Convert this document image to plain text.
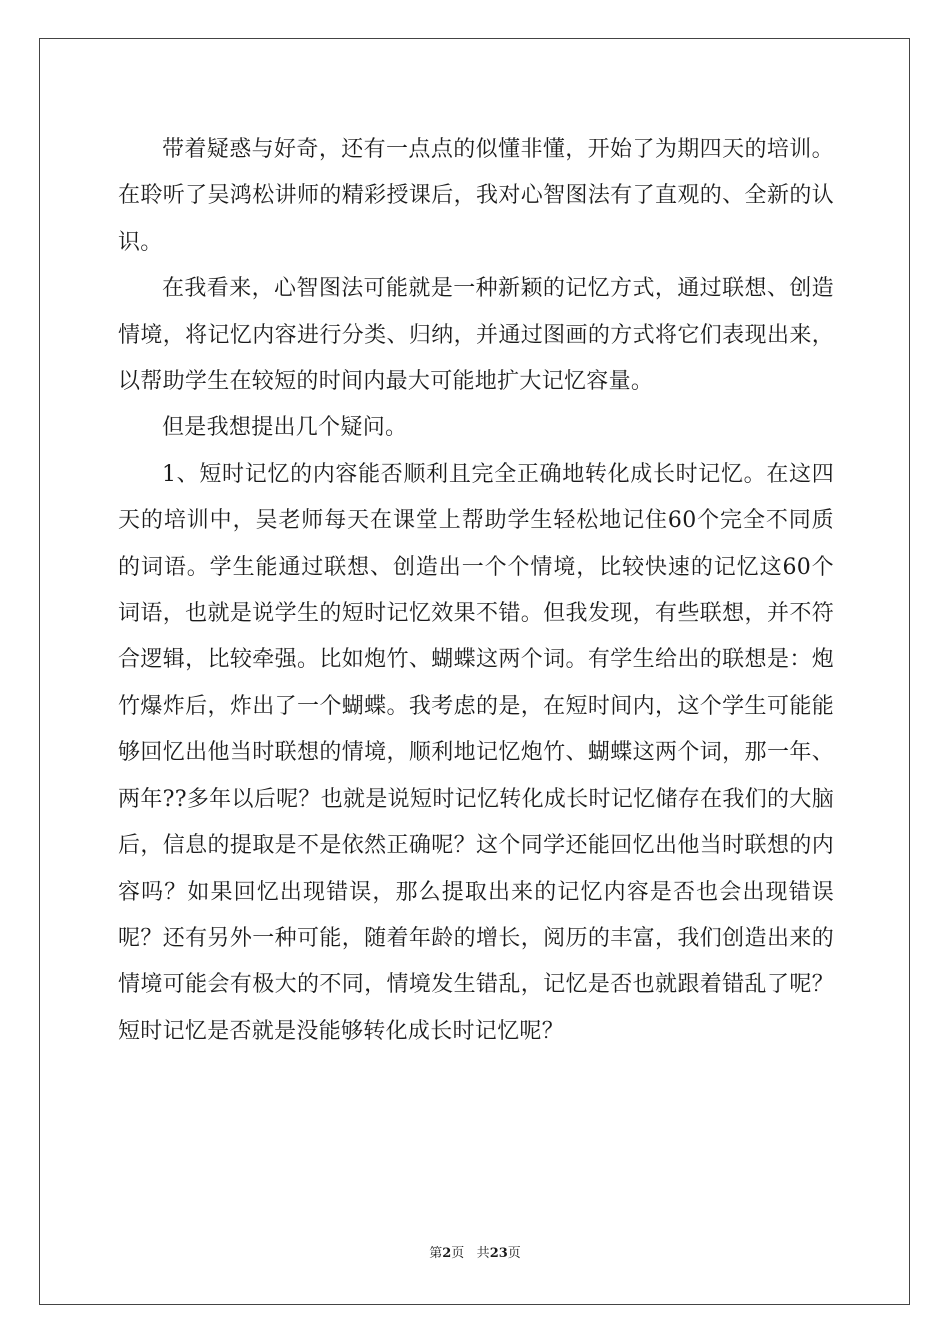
带着疑惑与好奇，还有一点点的似懂非懂，开始了为期四天的培训。在聆听了吴鸿松讲师的精彩授课后，我对心智图法有了直观的、全新的认识。

在我看来，心智图法可能就是一种新颖的记忆方式，通过联想、创造情境，将记忆内容进行分类、归纳，并通过图画的方式将它们表现出来，以帮助学生在较短的时间内最大可能地扩大记忆容量。

但是我想提出几个疑问。

1、短时记忆的内容能否顺利且完全正确地转化成长时记忆。在这四天的培训中，吴老师每天在课堂上帮助学生轻松地记住60个完全不同质的词语。学生能通过联想、创造出一个个情境，比较快速的记忆这60个词语，也就是说学生的短时记忆效果不错。但我发现，有些联想，并不符合逻辑，比较牵强。比如炮竹、蝴蝶这两个词。有学生给出的联想是：炮竹爆炸后，炸出了一个蝴蝶。我考虑的是，在短时间内，这个学生可能能够回忆出他当时联想的情境，顺利地记忆炮竹、蝴蝶这两个词，那一年、两年??多年以后呢？也就是说短时记忆转化成长时记忆储存在我们的大脑后，信息的提取是不是依然正确呢？这个同学还能回忆出他当时联想的内容吗？如果回忆出现错误，那么提取出来的记忆内容是否也会出现错误呢？还有另外一种可能，随着年龄的增长，阅历的丰富，我们创造出来的情境可能会有极大的不同，情境发生错乱，记忆是否也就跟着错乱了呢？短时记忆是否就是没能够转化成长时记忆呢？

第2页 共23页
